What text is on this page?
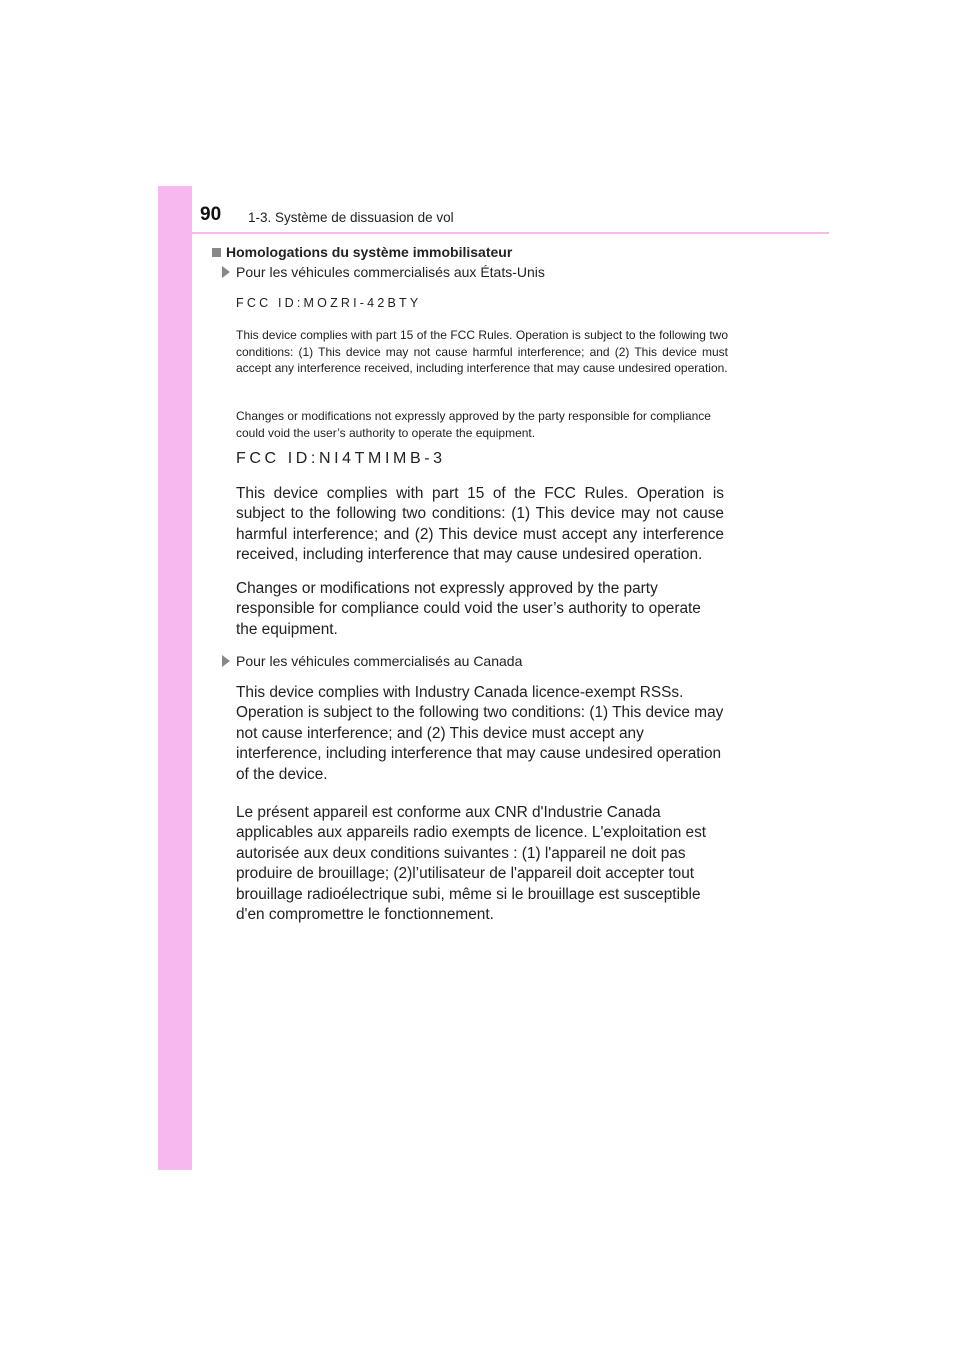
90 1-3. Système de dissuasion de vol
Homologations du système immobilisateur
Pour les véhicules commercialisés aux États-Unis
FCC ID:MOZRI-42BTY
This device complies with part 15 of the FCC Rules. Operation is subject to the following two conditions: (1) This device may not cause harmful interference; and (2) This device must accept any interference received, including interference that may cause undesired operation.
Changes or modifications not expressly approved by the party responsible for compliance could void the user’s authority to operate the equipment.
FCC ID:NI4TMIMB-3
This device complies with part 15 of the FCC Rules. Operation is subject to the following two conditions: (1) This device may not cause harmful interference; and (2) This device must accept any interference received, including interference that may cause undesired operation.
Changes or modifications not expressly approved by the party responsible for compliance could void the user’s authority to operate the equipment.
Pour les véhicules commercialisés au Canada
This device complies with Industry Canada licence-exempt RSSs. Operation is subject to the following two conditions: (1) This device may not cause interference; and (2) This device must accept any interference, including interference that may cause undesired operation of the device.
Le présent appareil est conforme aux CNR d'Industrie Canada applicables aux appareils radio exempts de licence. L'exploitation est autorisée aux deux conditions suivantes : (1) l'appareil ne doit pas produire de brouillage; (2)l’utilisateur de l'appareil doit accepter tout brouillage radioélectrique subi, même si le brouillage est susceptible d'en compromettre le fonctionnement.
